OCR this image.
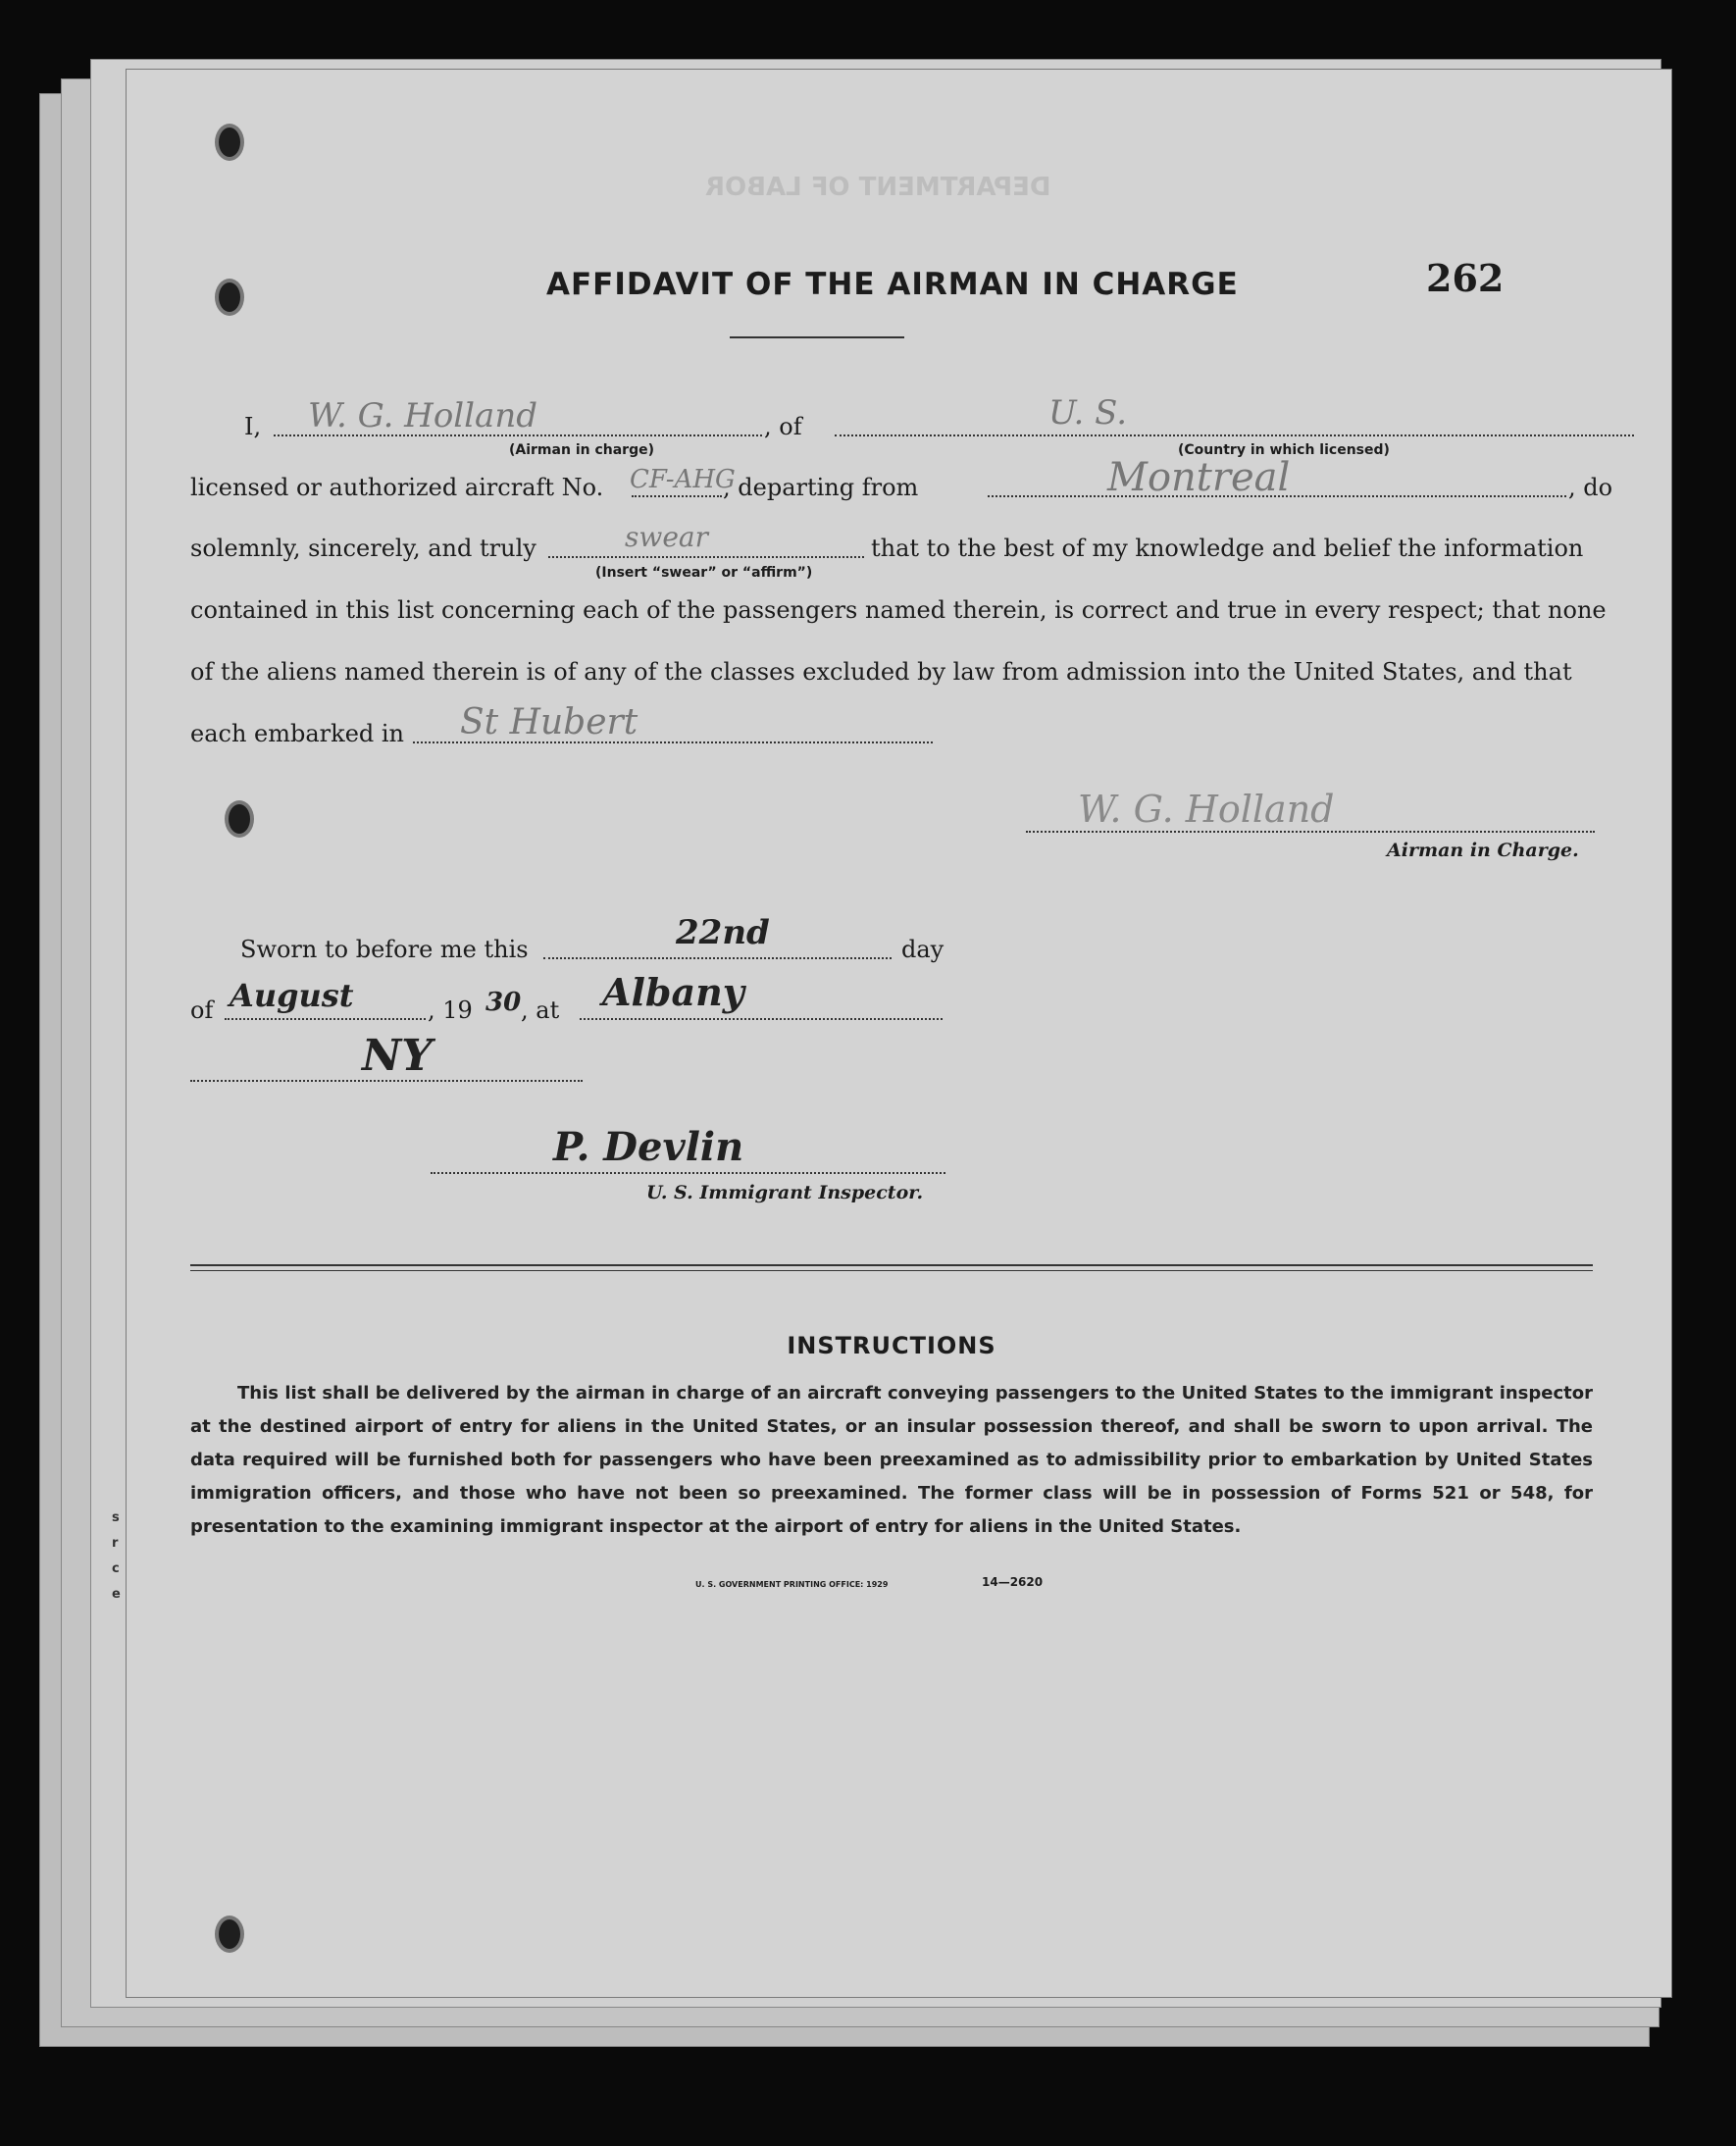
s
r
c
e
DEPARTMENT OF LABOR
AFFIDAVIT OF THE AIRMAN IN CHARGE	262
I, W. G. Holland
(Airman in charge)
, of	U. S.
(Country in which licensed)
licensed or authorized aircraft No. CF-AHG
, departing from	Montreal	, do
solemnly, sincerely, and truly	swear
(Insert “swear” or “affirm”)
that to the best of my knowledge and belief the information
contained in this list concerning each of the passengers named therein, is correct and true in every respect; that none
of the aliens named therein is of any of the classes excluded by law from admission into the United States, and that
each embarked in St Hubert
W. G. Holland
Airman in Charge.
Sworn to before me this	22nd	day
of August	, 19 30 , at Albany
NY
P. Devlin
U. S. Immigrant Inspector.
INSTRUCTIONS
This list shall be delivered by the airman in charge of an aircraft conveying passengers to the United States to the immigrant inspector at the destined airport of entry for aliens in the United States, or an insular possession thereof, and shall be sworn to upon arrival. The data required will be furnished both for passengers who have been preexamined as to admissibility prior to embarkation by United States immigration officers, and those who have not been so preexamined. The former class will be in possession of Forms 521 or 548, for presentation to the examining immigrant inspector at the airport of entry for aliens in the United States.
U. S. GOVERNMENT PRINTING OFFICE: 1929	14—2620
